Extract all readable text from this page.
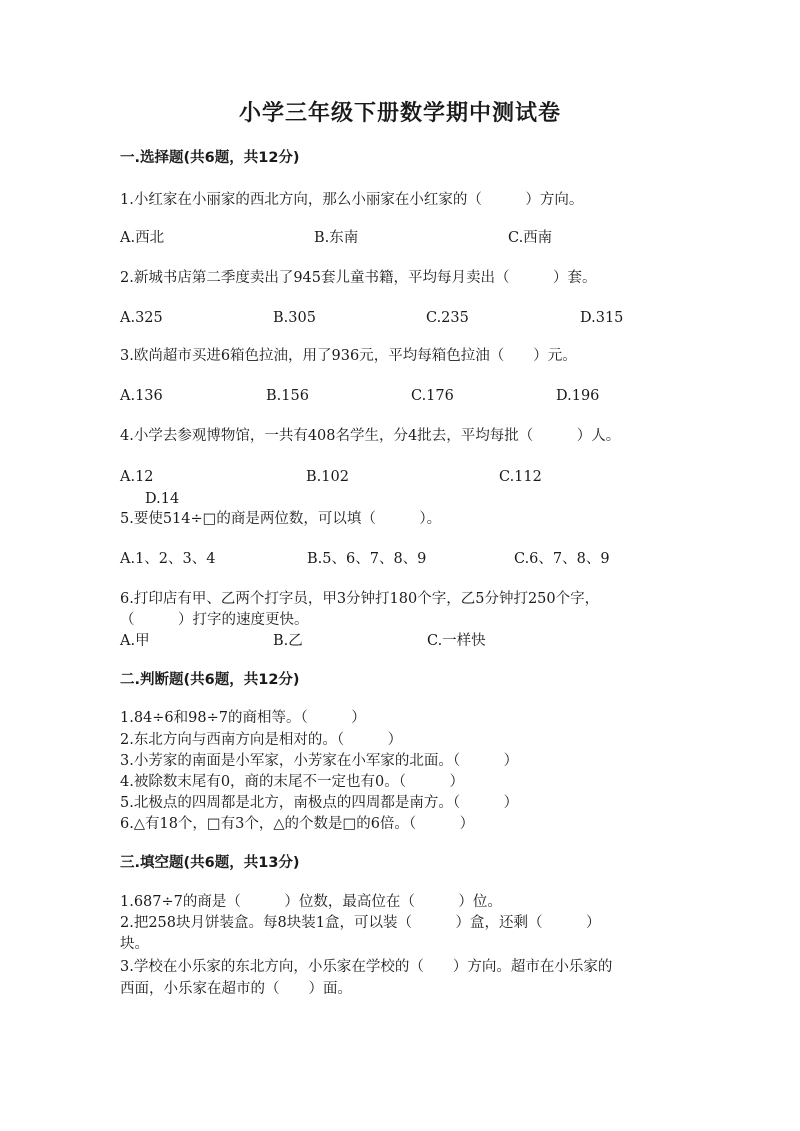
小学三年级下册数学期中测试卷
一.选择题(共6题，共12分)
1.小红家在小丽家的西北方向，那么小丽家在小红家的（　　　）方向。
A.西北	B.东南	C.西南
2.新城书店第二季度卖出了945套儿童书籍，平均每月卖出（　　　）套。
A.325	B.305	C.235	D.315
3.欧尚超市买进6箱色拉油，用了936元，平均每箱色拉油（　　）元。
A.136	B.156	C.176	D.196
4.小学去参观博物馆，一共有408名学生，分4批去，平均每批（　　　）人。
A.12	B.102	C.112
D.14
5.要使514÷□的商是两位数，可以填（　　　）。
A.1、2、3、4	B.5、6、7、8、9	C.6、7、8、9
6.打印店有甲、乙两个打字员，甲3分钟打180个字，乙5分钟打250个字，
（　　　）打字的速度更快。
A.甲	B.乙	C.一样快
二.判断题(共6题，共12分)
1.84÷6和98÷7的商相等。（　　　）
2.东北方向与西南方向是相对的。（　　　）
3.小芳家的南面是小军家，小芳家在小军家的北面。（　　　）
4.被除数末尾有0，商的末尾不一定也有0。（　　　）
5.北极点的四周都是北方，南极点的四周都是南方。（　　　）
6.△有18个，□有3个，△的个数是□的6倍。（　　　）
三.填空题(共6题，共13分)
1.687÷7的商是（　　　）位数，最高位在（　　　）位。
2.把258块月饼装盒。每8块装1盒，可以装（　　　）盒，还剩（　　　）
块。
3.学校在小乐家的东北方向，小乐家在学校的（　　）方向。超市在小乐家的
西面，小乐家在超市的（　　）面。
